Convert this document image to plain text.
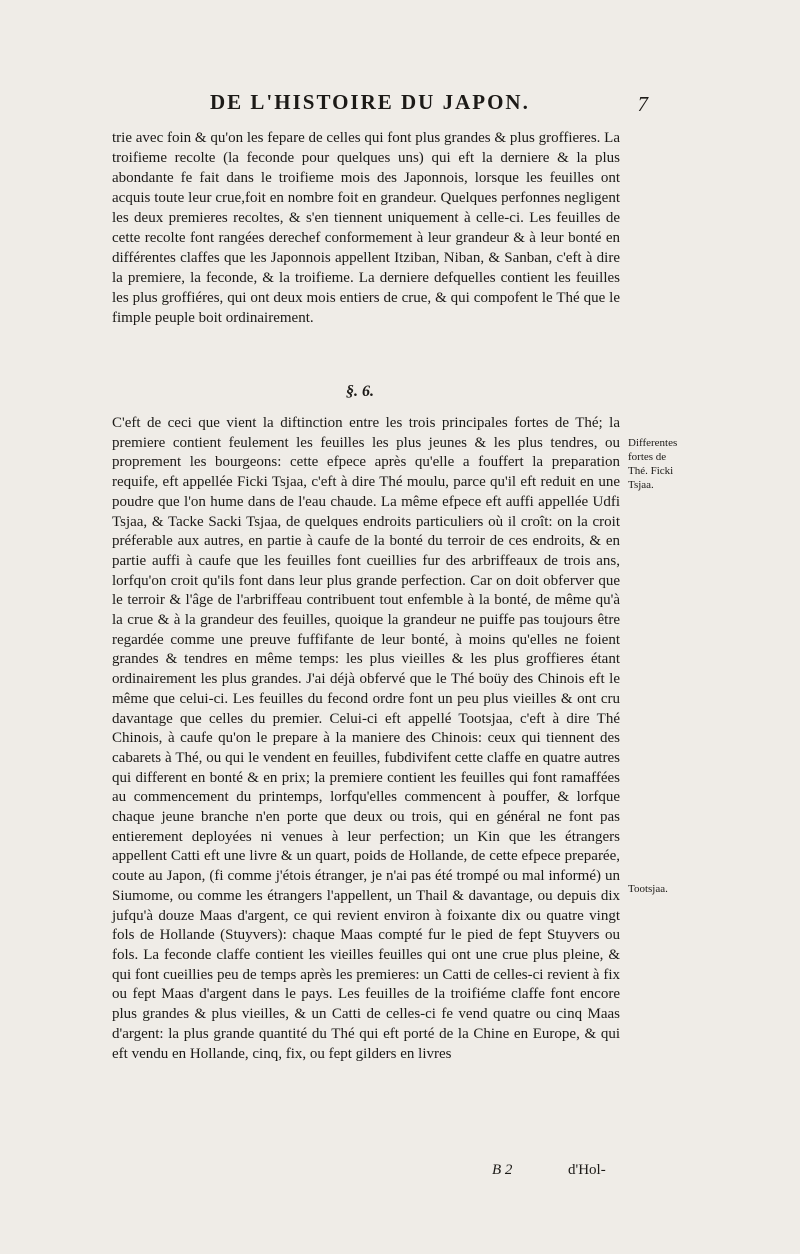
DE L'HISTOIRE DU JAPON.	7

trie avec foin & qu'on les fepare de celles qui font plus grandes & plus groffieres. La troifieme recolte (la feconde pour quelques uns) qui eft la derniere & la plus abondante fe fait dans le troifieme mois des Japonnois, lorsque les feuilles ont acquis toute leur crue,foit en nombre foit en grandeur. Quelques perfonnes negligent les deux premieres recoltes, & s'en tiennent uniquement à celle-ci. Les feuilles de cette recolte font rangées derechef conformement à leur grandeur & à leur bonté en différentes claffes que les Japonnois appellent Itziban, Niban, & Sanban, c'eft à dire la premiere, la feconde, & la troifieme. La derniere defquelles contient les feuilles les plus groffiéres, qui ont deux mois entiers de crue, & qui compofent le Thé que le fimple peuple boit ordinairement.

§. 6.

C'eft de ceci que vient la diftinction entre les trois principales fortes de Thé; la premiere contient feulement les feuilles les plus jeunes & les plus tendres, ou proprement les bourgeons: cette efpece après qu'elle a fouffert la preparation requife, eft appellée Ficki Tsjaa, c'eft à dire Thé moulu, parce qu'il eft reduit en une poudre que l'on hume dans de l'eau chaude. La même efpece eft auffi appellée Udfi Tsjaa, & Tacke Sacki Tsjaa, de quelques endroits particuliers où il croît: on la croit préferable aux autres, en partie à caufe de la bonté du terroir de ces endroits, & en partie auffi à caufe que les feuilles font cueillies fur des arbriffeaux de trois ans, lorfqu'on croit qu'ils font dans leur plus grande perfection. Car on doit obferver que le terroir & l'âge de l'arbriffeau contribuent tout enfemble à la bonté, de même qu'à la crue & à la grandeur des feuilles, quoique la grandeur ne puiffe pas toujours être regardée comme une preuve fuffifante de leur bonté, à moins qu'elles ne foient grandes & tendres en même temps: les plus vieilles & les plus groffieres étant ordinairement les plus grandes. J'ai déjà obfervé que le Thé boüy des Chinois eft le même que celui-ci. Les feuilles du fecond ordre font un peu plus vieilles & ont cru davantage que celles du premier. Celui-ci eft appellé Tootsjaa, c'eft à dire Thé Chinois, à caufe qu'on le prepare à la maniere des Chinois: ceux qui tiennent des cabarets à Thé, ou qui le vendent en feuilles, fubdivifent cette claffe en quatre autres qui different en bonté & en prix; la premiere contient les feuilles qui font ramaffées au commencement du printemps, lorfqu'elles commencent à pouffer, & lorfque chaque jeune branche n'en porte que deux ou trois, qui en général ne font pas entierement deployées ni venues à leur perfection; un Kin que les étrangers appellent Catti eft une livre & un quart, poids de Hollande, de cette efpece preparée, coute au Japon, (fi comme j'étois étranger, je n'ai pas été trompé ou mal informé) un Siumome, ou comme les étrangers l'appellent, un Thail & davantage, ou depuis dix jufqu'à douze Maas d'argent, ce qui revient environ à foixante dix ou quatre vingt fols de Hollande (Stuyvers): chaque Maas compté fur le pied de fept Stuyvers ou fols. La feconde claffe contient les vieilles feuilles qui ont une crue plus pleine, & qui font cueillies peu de temps après les premieres: un Catti de celles-ci revient à fix ou fept Maas d'argent dans le pays. Les feuilles de la troifiéme claffe font encore plus grandes & plus vieilles, & un Catti de celles-ci fe vend quatre ou cinq Maas d'argent: la plus grande quantité du Thé qui eft porté de la Chine en Europe, & qui eft vendu en Hollande, cinq, fix, ou fept gilders en livres

Differentes fortes de Thé. Ficki Tsjaa.
Tootsjaa.
B 2	d'Hol-
